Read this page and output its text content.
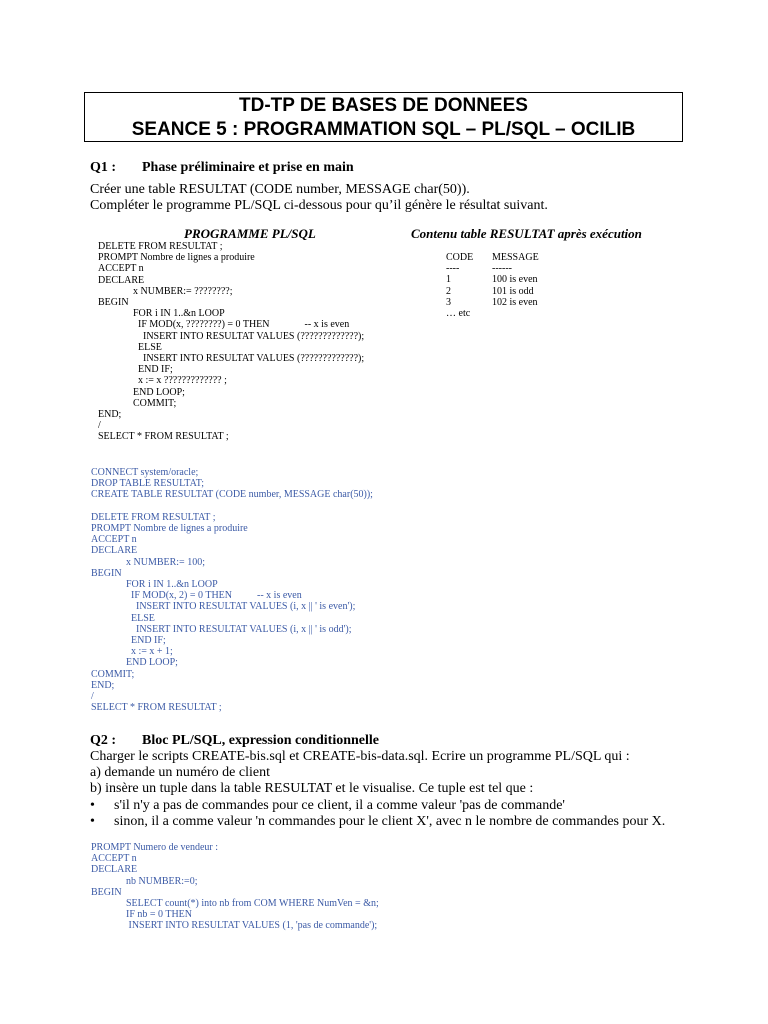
TD-TP DE BASES DE DONNEES
SEANCE 5 : PROGRAMMATION SQL – PL/SQL – OCILIB
Q1 : Phase préliminaire et prise en main
Créer une table RESULTAT (CODE number, MESSAGE char(50)).
Compléter le programme PL/SQL ci-dessous pour qu’il génère le résultat suivant.
PROGRAMME PL/SQL	Contenu table RESULTAT après exécution
DELETE FROM RESULTAT ;
PROMPT Nombre de lignes a produire
ACCEPT n
DECLARE
x NUMBER:= ????????;
BEGIN
FOR i IN 1..&n LOOP
IF MOD(x, ????????) = 0 THEN              -- x is even
INSERT INTO RESULTAT VALUES (?????????????);
ELSE
INSERT INTO RESULTAT VALUES (?????????????);
END IF;
x := x ????????????? ;
END LOOP;
COMMIT;
END;
/
SELECT * FROM RESULTAT ;
CODE	MESSAGE
----	------
1	100 is even
2	101 is odd
3	102 is even
… etc
CONNECT system/oracle;
DROP TABLE RESULTAT;
CREATE TABLE RESULTAT (CODE number, MESSAGE char(50));

DELETE FROM RESULTAT ;
PROMPT Nombre de lignes a produire
ACCEPT n
DECLARE
x NUMBER:= 100;
BEGIN
FOR i IN 1..&n LOOP
IF MOD(x, 2) = 0 THEN          -- x is even
INSERT INTO RESULTAT VALUES (i, x || ' is even');
ELSE
INSERT INTO RESULTAT VALUES (i, x || ' is odd');
END IF;
x := x + 1;
END LOOP;
COMMIT;
END;
/
SELECT * FROM RESULTAT ;
Q2 : Bloc PL/SQL, expression conditionnelle
Charger le scripts CREATE-bis.sql et CREATE-bis-data.sql. Ecrire un programme PL/SQL qui :
a) demande un numéro de client
b) insère un tuple dans la table RESULTAT et le visualise. Ce tuple est tel que :
• s'il n'y a pas de commandes pour ce client, il a comme valeur 'pas de commande'
• sinon, il a comme valeur 'n commandes pour le client X', avec n le nombre de commandes pour X.
PROMPT Numero de vendeur :
ACCEPT n
DECLARE
nb NUMBER:=0;
BEGIN
SELECT count(*) into nb from COM WHERE NumVen = &n;
IF nb = 0 THEN
INSERT INTO RESULTAT VALUES (1, 'pas de commande');
